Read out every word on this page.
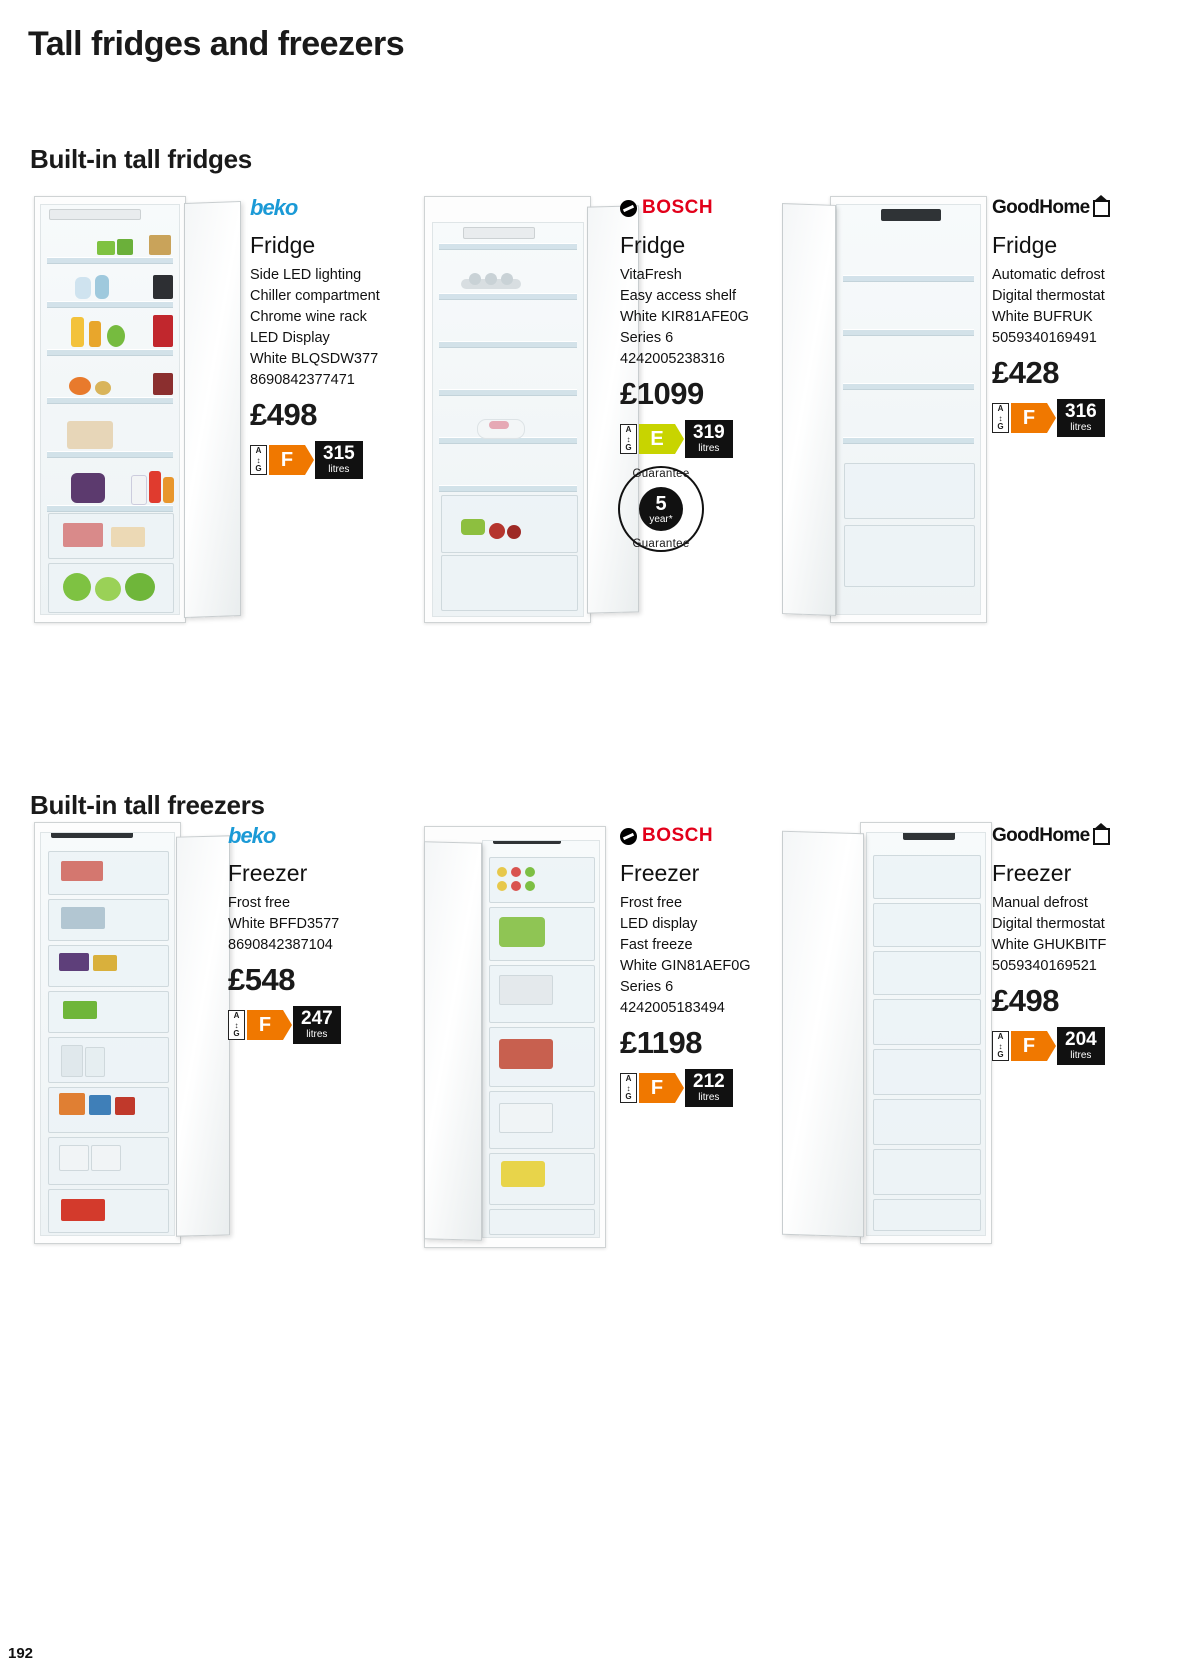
Tall fridges and freezers
Built-in tall fridges
Built-in tall freezers
beko
Fridge
Side LED lighting
Chiller compartment
Chrome wine rack
LED Display
White BLQSDW377
8690842377471
£498
A
↕
G F 315
litres
BOSCH
Fridge
VitaFresh
Easy access shelf
White KIR81AFE0G
Series 6
4242005238316
£1099
A
↕
G E 319
litres
Guarantee
Guarantee
5
year*
GoodHome
Fridge
Automatic defrost
Digital thermostat
White BUFRUK
5059340169491
£428
A
↕
G F 316
litres
beko
Freezer
Frost free
White BFFD3577
8690842387104
£548
A
↕
G F 247
litres
BOSCH
Freezer
Frost free
LED display
Fast freeze
White GIN81AEF0G
Series 6
4242005183494
£1198
A
↕
G F 212
litres
GoodHome
Freezer
Manual defrost
Digital thermostat
White GHUKBITF
5059340169521
£498
A
↕
G F 204
litres
192
